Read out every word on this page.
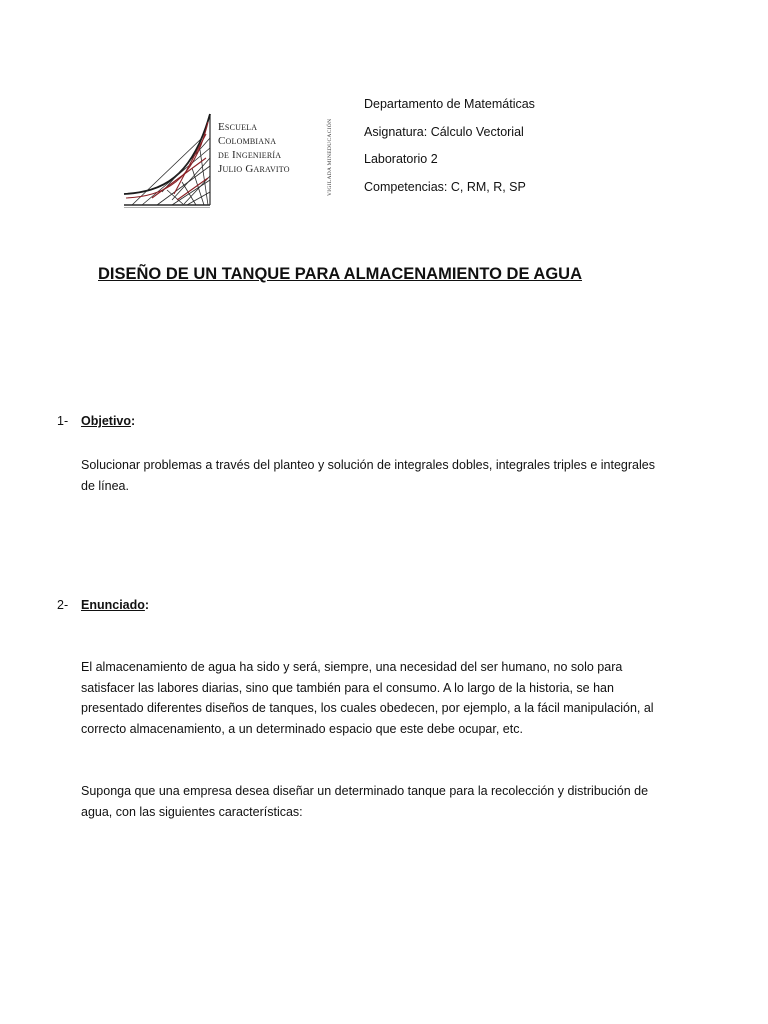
Escuela
Colombiana
de Ingeniería
Julio Garavito	VIGILADA MINEDUCACIÓN
Departamento de Matemáticas
Asignatura: Cálculo Vectorial
Laboratorio 2
Competencias: C, RM, R, SP
DISEÑO DE UN TANQUE PARA ALMACENAMIENTO DE AGUA
1- Objetivo:
Solucionar problemas a través del planteo y solución de integrales dobles, integrales triples e integrales de línea.
2- Enunciado:
El almacenamiento de agua ha sido y será, siempre, una necesidad del ser humano, no solo para satisfacer las labores diarias, sino que también para el consumo. A lo largo de la historia, se han presentado diferentes diseños de tanques, los cuales obedecen, por ejemplo, a la fácil manipulación, al correcto almacenamiento, a un determinado espacio que este debe ocupar, etc.
Suponga que una empresa desea diseñar un determinado tanque para la recolección y distribución de agua, con las siguientes características:
